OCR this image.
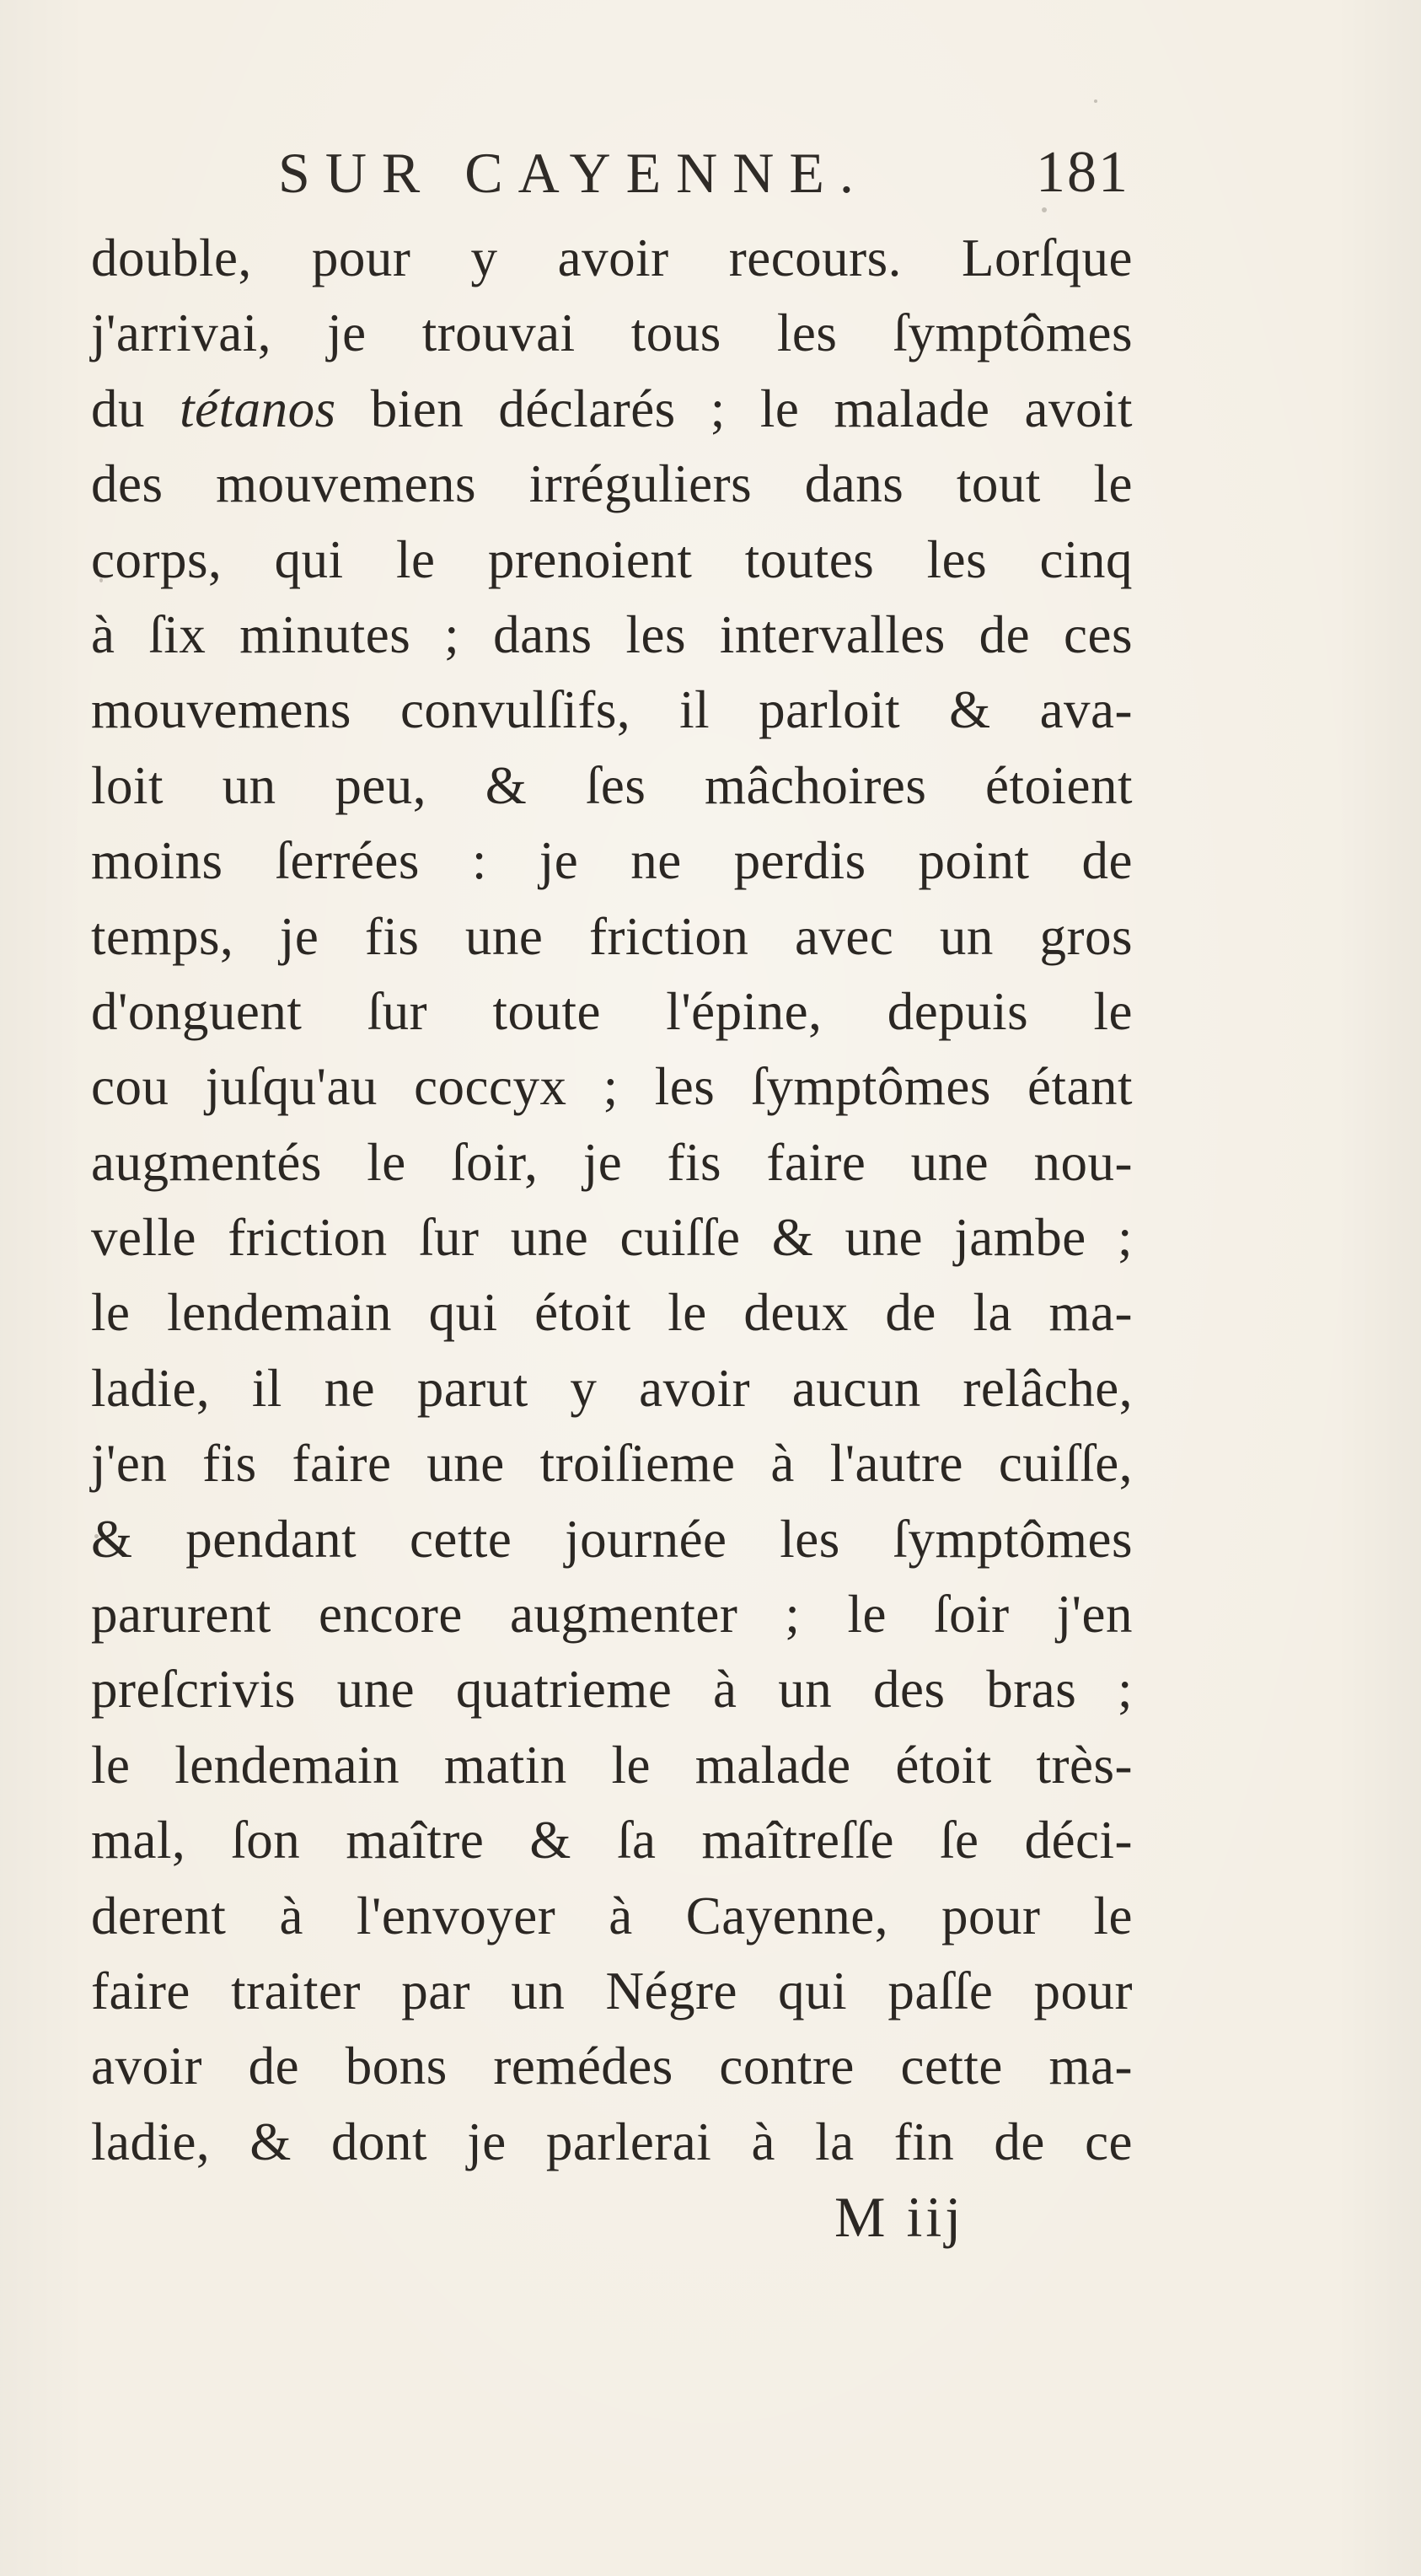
SUR CAYENNE.	181
double, pour y avoir recours. Lorſque
j'arrivai, je trouvai tous les ſymptômes
du tétanos bien déclarés ; le malade avoit
des mouvemens irréguliers dans tout le
corps, qui le prenoient toutes les cinq
à ſix minutes ; dans les intervalles de ces
mouvemens convulſifs, il parloit & ava-
loit un peu, & ſes mâchoires étoient
moins ſerrées : je ne perdis point de
temps, je fis une friction avec un gros
d'onguent ſur toute l'épine, depuis le
cou juſqu'au coccyx ; les ſymptômes étant
augmentés le ſoir, je fis faire une nou-
velle friction ſur une cuiſſe & une jambe ;
le lendemain qui étoit le deux de la ma-
ladie, il ne parut y avoir aucun relâche,
j'en fis faire une troiſieme à l'autre cuiſſe,
& pendant cette journée les ſymptômes
parurent encore augmenter ; le ſoir j'en
preſcrivis une quatrieme à un des bras ;
le lendemain matin le malade étoit très-
mal, ſon maître & ſa maîtreſſe ſe déci-
derent à l'envoyer à Cayenne, pour le
faire traiter par un Négre qui paſſe pour
avoir de bons remédes contre cette ma-
ladie, & dont je parlerai à la fin de ce
M iij
